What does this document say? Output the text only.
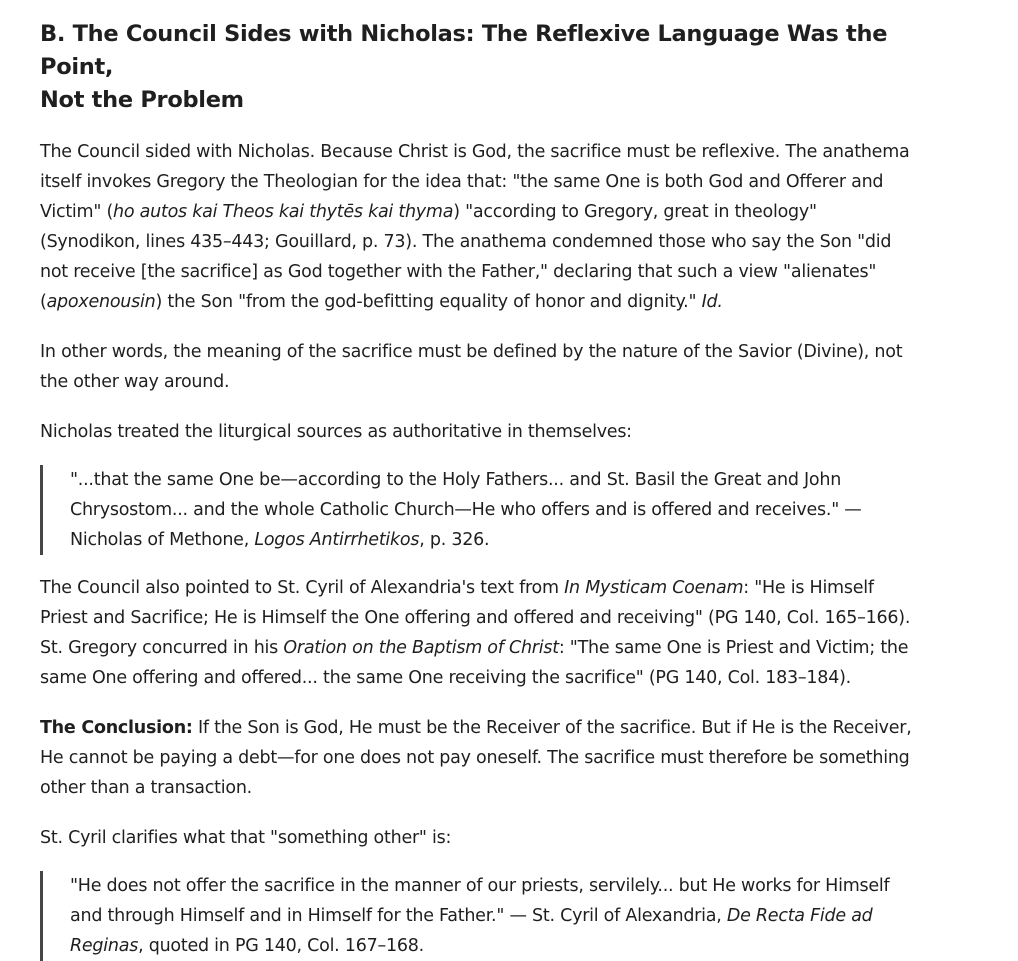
B. The Council Sides with Nicholas: The Reflexive Language Was the Point,
Not the Problem

The Council sided with Nicholas. Because Christ is God, the sacrifice must be reflexive. The anathema itself invokes Gregory the Theologian for the idea that: "the same One is both God and Offerer and Victim" (ho autos kai Theos kai thytēs kai thyma) "according to Gregory, great in theology" (Synodikon, lines 435–443; Gouillard, p. 73). The anathema condemned those who say the Son "did not receive [the sacrifice] as God together with the Father," declaring that such a view "alienates" (apoxenousin) the Son "from the god-befitting equality of honor and dignity." Id.

In other words, the meaning of the sacrifice must be defined by the nature of the Savior (Divine), not the other way around.

Nicholas treated the liturgical sources as authoritative in themselves:

"...that the same One be—according to the Holy Fathers... and St. Basil the Great and John Chrysostom... and the whole Catholic Church—He who offers and is offered and receives." — Nicholas of Methone, Logos Antirrhetikos, p. 326.

The Council also pointed to St. Cyril of Alexandria's text from In Mysticam Coenam: "He is Himself Priest and Sacrifice; He is Himself the One offering and offered and receiving" (PG 140, Col. 165–166). St. Gregory concurred in his Oration on the Baptism of Christ: "The same One is Priest and Victim; the same One offering and offered... the same One receiving the sacrifice" (PG 140, Col. 183–184).

The Conclusion: If the Son is God, He must be the Receiver of the sacrifice. But if He is the Receiver, He cannot be paying a debt—for one does not pay oneself. The sacrifice must therefore be something other than a transaction.

St. Cyril clarifies what that "something other" is:

"He does not offer the sacrifice in the manner of our priests, servilely... but He works for Himself and through Himself and in Himself for the Father." — St. Cyril of Alexandria, De Recta Fide ad Reginas, quoted in PG 140, Col. 167–168.
